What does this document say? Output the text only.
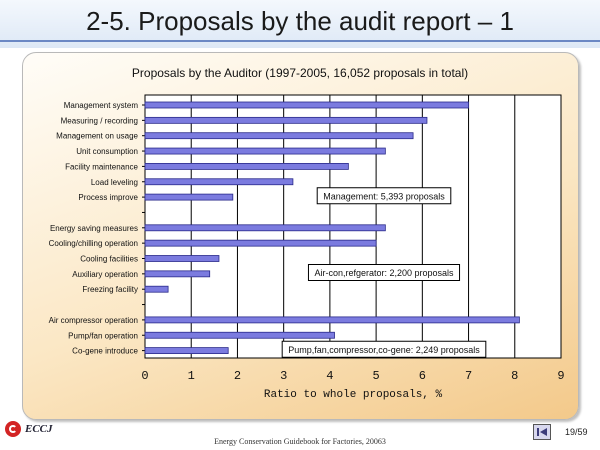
2-5. Proposals by the audit report – 1
Proposals by the Auditor (1997-2005, 16,052 proposals in total)
Management system
Measuring / recording
Management on usage
Unit consumption
Facility maintenance
Load leveling
Process improve
Energy saving measures
Cooling/chilling operation
Cooling facilities
Auxiliary operation
Freezing facility
Air compressor operation
Pump/fan operation
Co-gene introduce
0	1	2	3	4	5	6	7	8	9
Management: 5,393 proposals
Air-con,refgerator: 2,200 proposals
Pump,fan,compressor,co-gene: 2,249 proposals
Ratio to whole proposals, %
ECCJ
Energy Conservation Guidebook for Factories, 20063
19/59
